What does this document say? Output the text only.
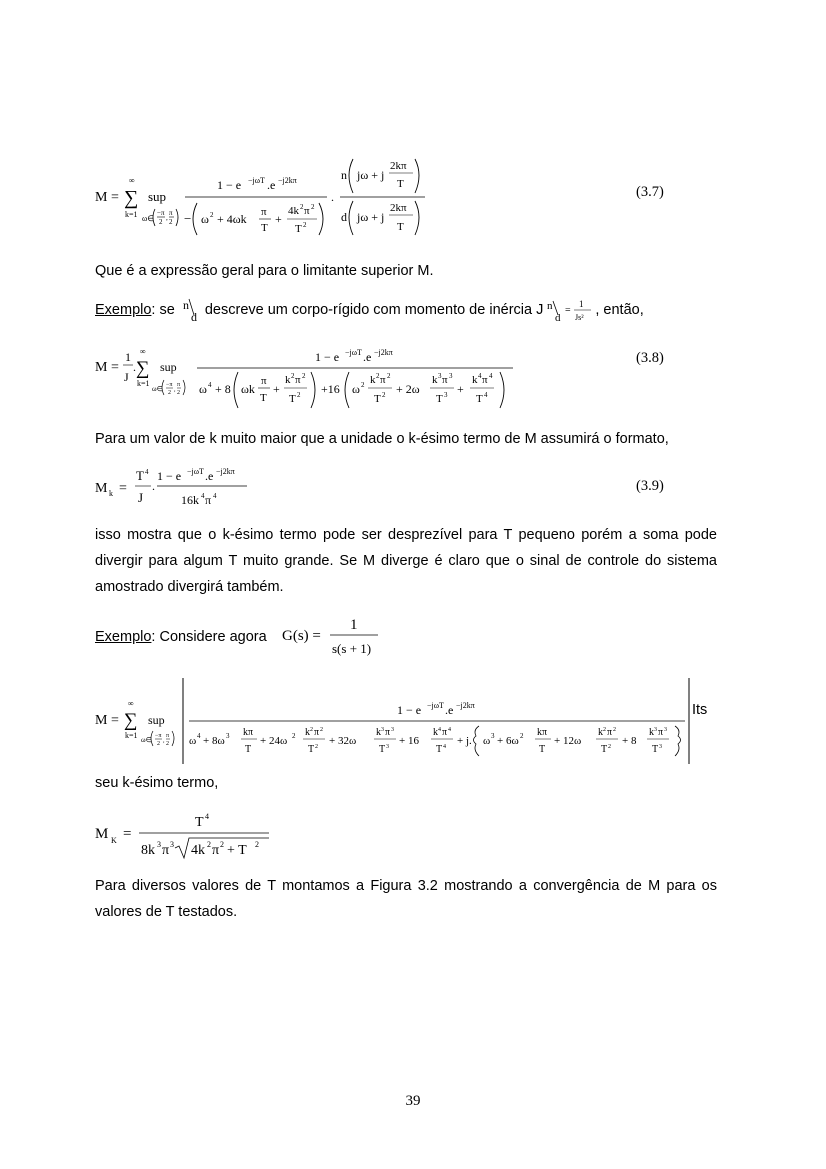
M = ∑
∞
k=1
sup
ω∈
−π
2 ,
π
2
1 − e −jωT .e −j2kπ
− ω 2 + 4ωk π
T
+
4k 2 π 2
T 2
.
n jω + j
2kπ
T
d jω + j
2kπ
T
(3.7)

Que é a expressão geral para o limitante superior M.

Exemplo: se n
d descreve um corpo-rígido com momento de inércia J n
d
=
1
Js² , então,

M =
1
J
. ∑
∞
k=1
sup
ω∈ −π
2 ,
π
2
1 − e −jωT .e −j2kπ
ω 4 + 8 ωk
π
T
+
k 2 π 2
T 2 +16 ω 2 k 2 π 2
T 2 + 2ω
k 3 π 3
T 3 +
k 4 π 4
T 4
(3.8)

Para um valor de k muito maior que a unidade o k-ésimo termo de M assumirá o formato,

M k =
T 4
J
.
1 − e −jωT .e −j2kπ
16k 4 π 4
(3.9)

isso mostra que o k-ésimo termo pode ser desprezível para T pequeno porém a soma pode divergir para algum T muito grande. Se M diverge é claro que o sinal de controle do sistema amostrado divergirá também.

Exemplo: Considere agora	G(s) =
1
s(s + 1)
M = ∑
∞
k=1
sup
ω∈ −π
2 ,
π
2
1 − e −jωT .e −j2kπ
ω 4 + 8ω 3 kπ
T
+ 24ω 2 k 2 π 2
T 2 + 32ω
k 3 π 3
T 3 + 16
k 4 π 4
T 4 + j. ω 3 + 6ω 2 kπ
T
+ 12ω
k 2 π 2
T 2 + 8
k 3 π 3
T 3
Its

seu k-ésimo termo,

M K =
T 4
8k 3 π 3 4k 2 π 2 + T 2

Para diversos valores de T montamos a Figura 3.2 mostrando a convergência de M para os valores de T testados.

39
